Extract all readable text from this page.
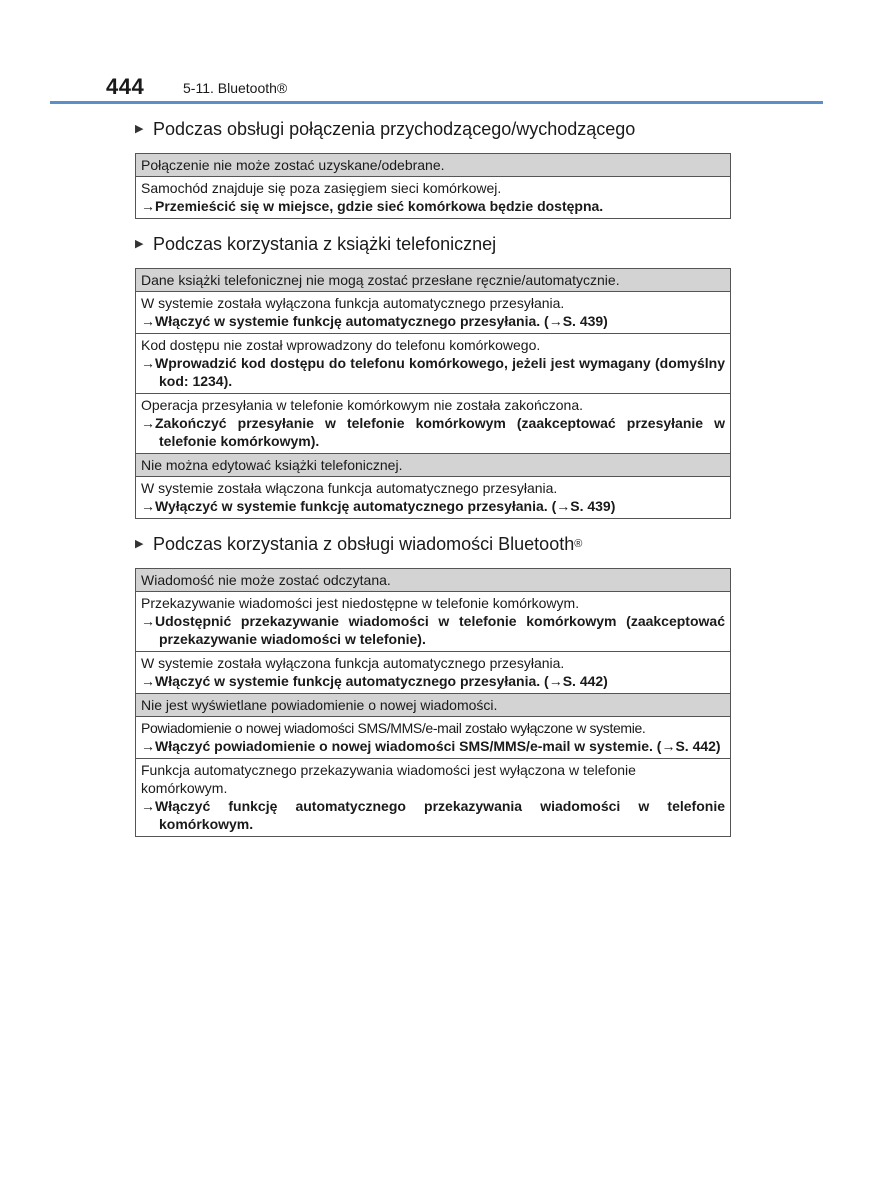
444	5-11. Bluetooth®
▶ Podczas obsługi połączenia przychodzącego/wychodzącego
Połączenie nie może zostać uzyskane/odebrane.
Samochód znajduje się poza zasięgiem sieci komórkowej.
→Przemieścić się w miejsce, gdzie sieć komórkowa będzie dostępna.
▶ Podczas korzystania z książki telefonicznej
Dane książki telefonicznej nie mogą zostać przesłane ręcznie/automatycznie.
W systemie została wyłączona funkcja automatycznego przesyłania.
→Włączyć w systemie funkcję automatycznego przesyłania. (→S. 439)
Kod dostępu nie został wprowadzony do telefonu komórkowego.
→Wprowadzić kod dostępu do telefonu komórkowego, jeżeli jest wymagany (domyślny kod: 1234).
Operacja przesyłania w telefonie komórkowym nie została zakończona.
→Zakończyć przesyłanie w telefonie komórkowym (zaakceptować przesyłanie w telefonie komórkowym).
Nie można edytować książki telefonicznej.
W systemie została włączona funkcja automatycznego przesyłania.
→Wyłączyć w systemie funkcję automatycznego przesyłania. (→S. 439)
▶ Podczas korzystania z obsługi wiadomości Bluetooth ®
Wiadomość nie może zostać odczytana.
Przekazywanie wiadomości jest niedostępne w telefonie komórkowym.
→Udostępnić przekazywanie wiadomości w telefonie komórkowym (zaakceptować przekazywanie wiadomości w telefonie).
W systemie została wyłączona funkcja automatycznego przesyłania.
→Włączyć w systemie funkcję automatycznego przesyłania. (→S. 442)
Nie jest wyświetlane powiadomienie o nowej wiadomości.
Powiadomienie o nowej wiadomości SMS/MMS/e-mail zostało wyłączone w systemie.
→Włączyć powiadomienie o nowej wiadomości SMS/MMS/e-mail w systemie. (→S. 442)
Funkcja automatycznego przekazywania wiadomości jest wyłączona w telefonie komórkowym.
→Włączyć funkcję automatycznego przekazywania wiadomości w telefonie komórkowym.
